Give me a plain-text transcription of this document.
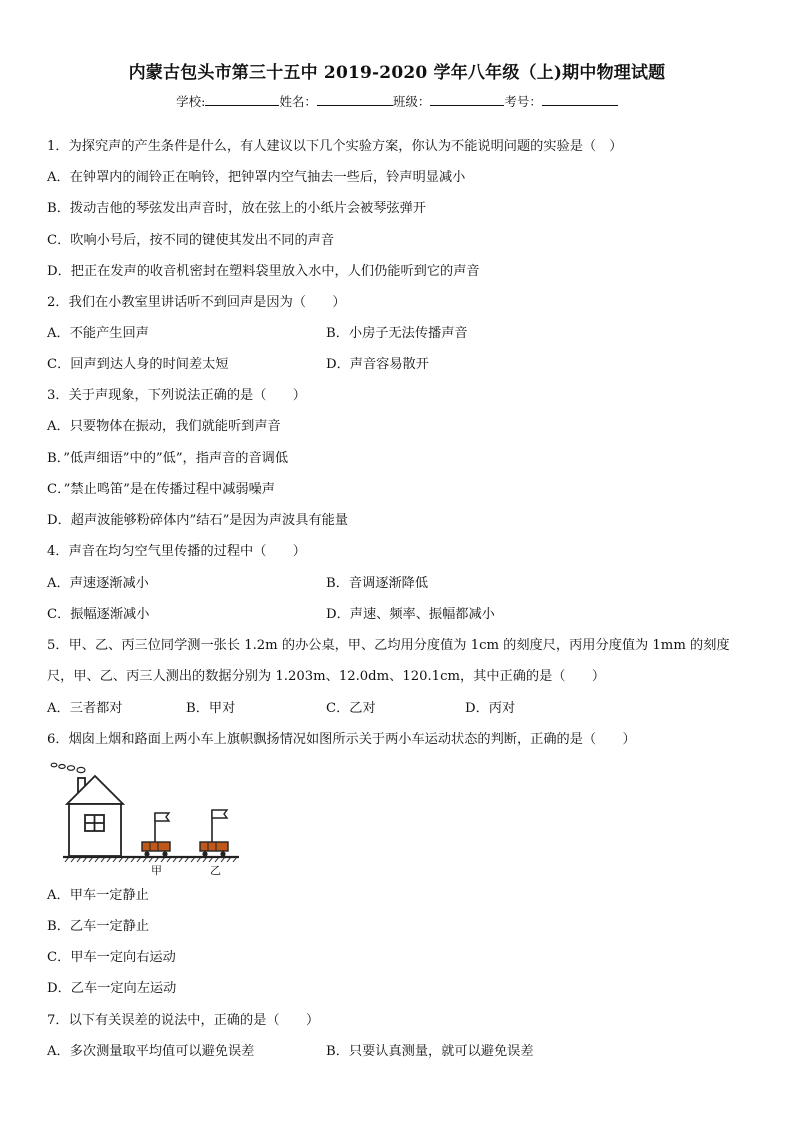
内蒙古包头市第三十五中 2019-2020 学年八年级（上)期中物理试题
学校:	姓名：	班级：	考号：
1．为探究声的产生条件是什么，有人建议以下几个实验方案，你认为不能说明问题的实验是（　）
A．在钟罩内的闹铃正在响铃，把钟罩内空气抽去一些后，铃声明显减小
B．拨动吉他的琴弦发出声音时，放在弦上的小纸片会被琴弦弹开
C．吹响小号后，按不同的键使其发出不同的声音
D．把正在发声的收音机密封在塑料袋里放入水中，人们仍能听到它的声音
2．我们在小教室里讲话听不到回声是因为（　　）
A．不能产生回声	B．小房子无法传播声音
C．回声到达人身的时间差太短	D．声音容易散开
3．关于声现象，下列说法正确的是（　　）
A．只要物体在振动，我们就能听到声音
B．”低声细语”中的”低”，指声音的音调低
C．”禁止鸣笛”是在传播过程中减弱噪声
D．超声波能够粉碎体内”结石”是因为声波具有能量
4．声音在均匀空气里传播的过程中（　　）
A．声速逐渐减小	B．音调逐渐降低
C．振幅逐渐减小	D．声速、频率、振幅都减小
5．甲、乙、丙三位同学测一张长 1.2m 的办公桌，甲、乙均用分度值为 1cm 的刻度尺，丙用分度值为 1mm 的刻度
尺，甲、乙、丙三人测出的数据分别为 1.203m、12.0dm、120.1cm，其中正确的是（　　）
A．三者都对	B．甲对	C．乙对	D．丙对
6．烟囱上烟和路面上两小车上旗帜飘扬情况如图所示关于两小车运动状态的判断，正确的是（　　）
甲	乙
A．甲车一定静止
B．乙车一定静止
C．甲车一定向右运动
D．乙车一定向左运动
7．以下有关误差的说法中，正确的是（　　）
A．多次测量取平均值可以避免误差	B．只要认真测量，就可以避免误差
